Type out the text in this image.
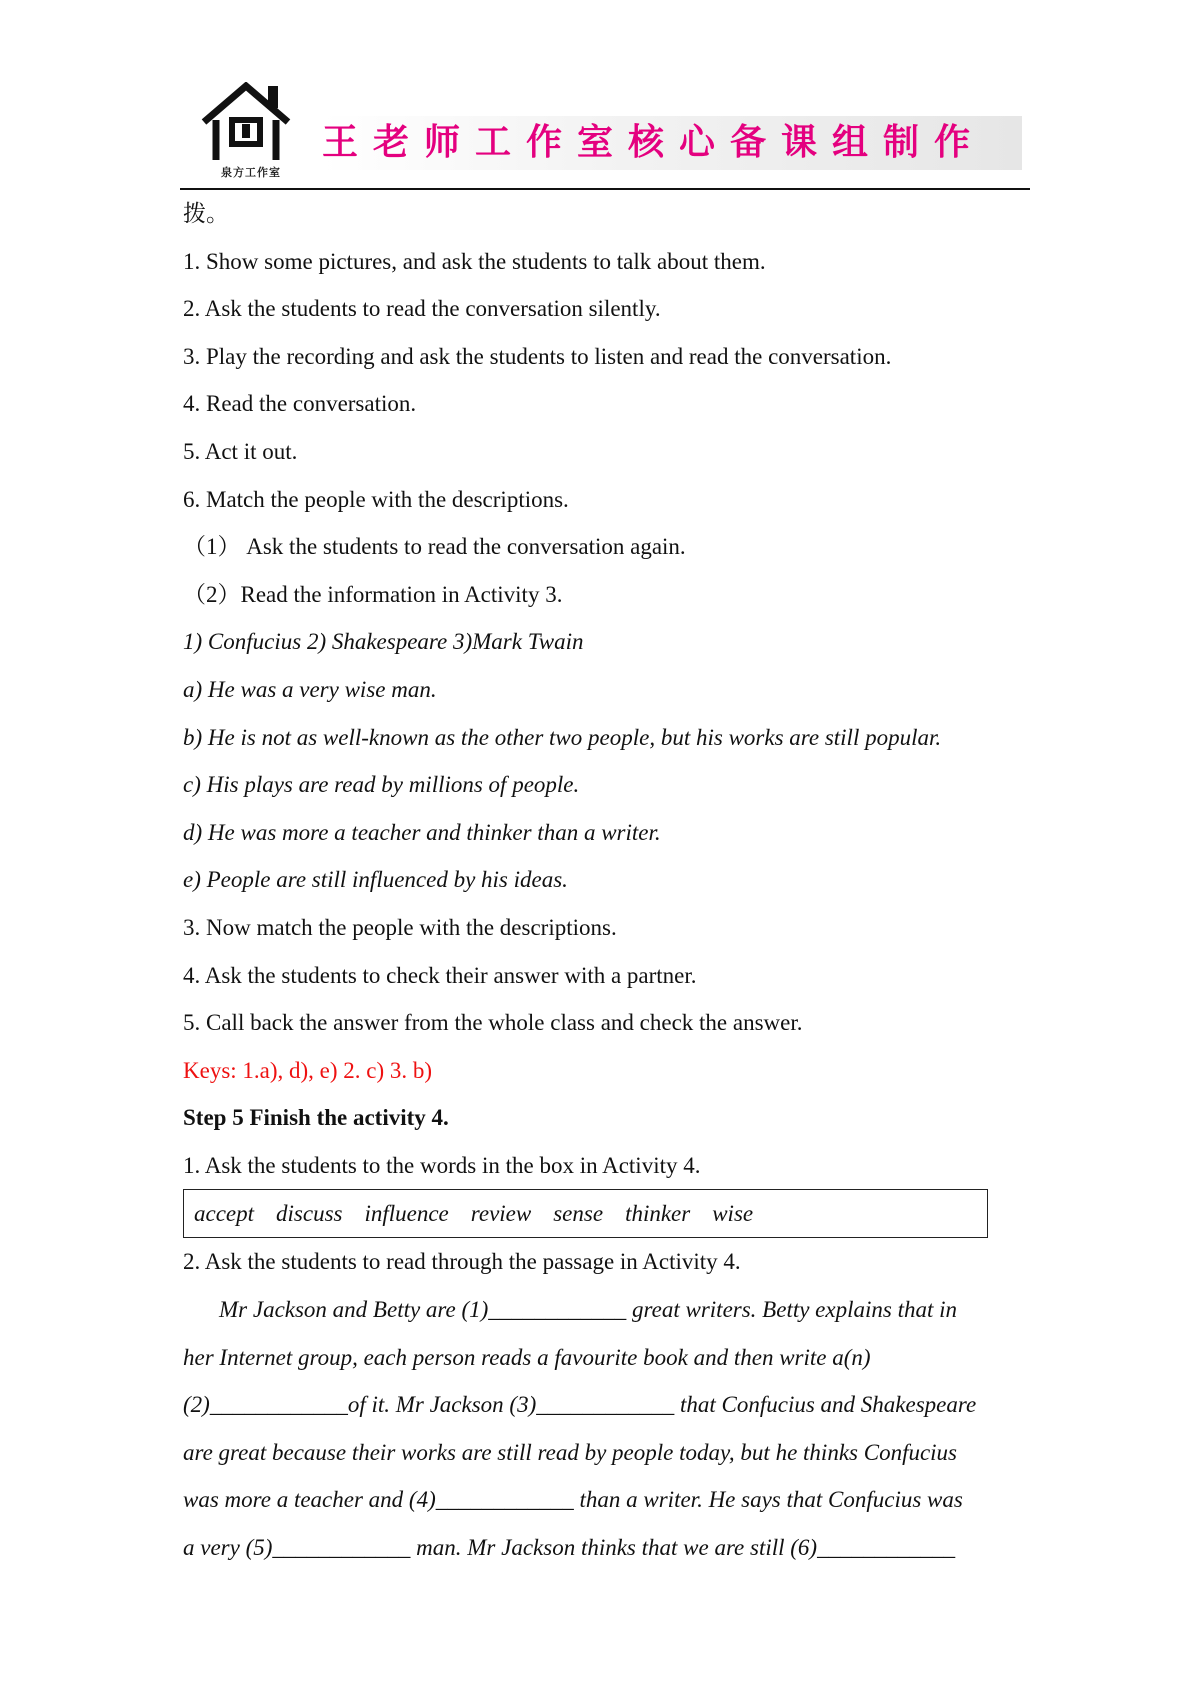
泉方工作室
王老师工作室核心备课组制作
拨。
1. Show some pictures, and ask the students to talk about them.
2. Ask the students to read the conversation silently.
3. Play the recording and ask the students to listen and read the conversation.
4. Read the conversation.
5. Act it out.
6. Match the people with the descriptions.
（1） Ask the students to read the conversation again.
（2）Read the information in Activity 3.
1) Confucius 2) Shakespeare 3)Mark Twain
a) He was a very wise man.
b) He is not as well-known as the other two people, but his works are still popular.
c) His plays are read by millions of people.
d) He was more a teacher and thinker than a writer.
e) People are still influenced by his ideas.
3. Now match the people with the descriptions.
4. Ask the students to check their answer with a partner.
5. Call back the answer from the whole class and check the answer.
Keys: 1.a), d), e) 2. c) 3. b)
Step 5 Finish the activity 4.
1. Ask the students to the words in the box in Activity 4.
accept discuss influence review sense thinker wise
2. Ask the students to read through the passage in Activity 4.
Mr Jackson and Betty are (1)____________ great writers. Betty explains that in
her Internet group, each person reads a favourite book and then write a(n)
(2)____________of it. Mr Jackson (3)____________ that Confucius and Shakespeare
are great because their works are still read by people today, but he thinks Confucius
was more a teacher and (4)____________ than a writer. He says that Confucius was
a very (5)____________ man. Mr Jackson thinks that we are still (6)____________
